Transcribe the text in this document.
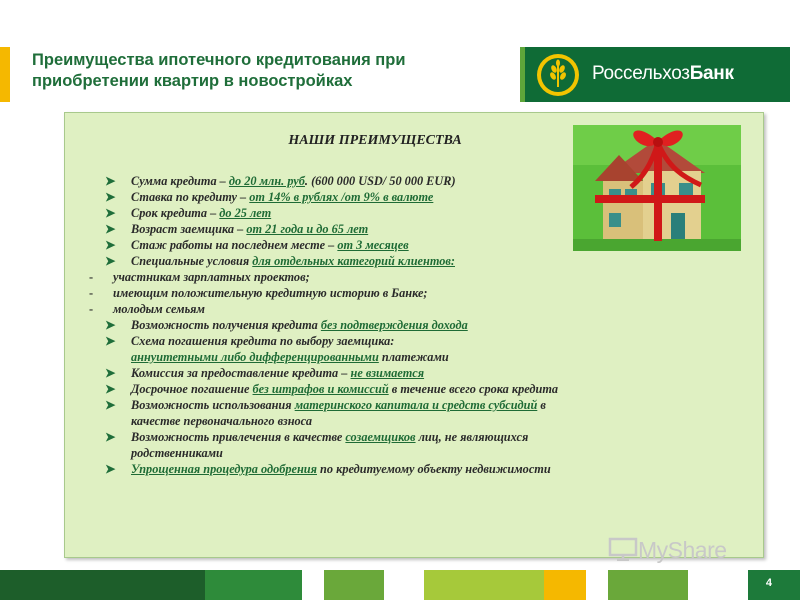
Преимущества ипотечного кредитования при
приобретении квартир в новостройках	РоссельхозБанк
НАШИ ПРЕИМУЩЕСТВА
➤ Сумма кредита – до 20 млн. руб. (600 000 USD/ 50 000 EUR)
➤ Ставка по кредиту – от 14% в рублях /от 9% в валюте
➤ Срок кредита – до 25 лет
➤ Возраст заемщика – от 21 года и до 65 лет
➤ Стаж работы на последнем месте – от 3 месяцев
➤ Специальные условия для отдельных категорий клиентов:
- участникам зарплатных проектов;
- имеющим положительную кредитную историю в Банке;
- молодым семьям
➤ Возможность получения кредита без подтверждения дохода
➤ Схема погашения кредита по выбору заемщика:
аннуитетными либо дифференцированными платежами
➤ Комиссия за предоставление кредита – не взимается
➤ Досрочное погашение без штрафов и комиссий в течение всего срока кредита
➤ Возможность использования материнского капитала и средств субсидий в
качестве первоначального взноса
➤ Возможность привлечения в качестве созаемщиков лиц, не являющихся
родственниками
➤ Упрощенная процедура одобрения по кредитуемому объекту недвижимости
4
MyShare
